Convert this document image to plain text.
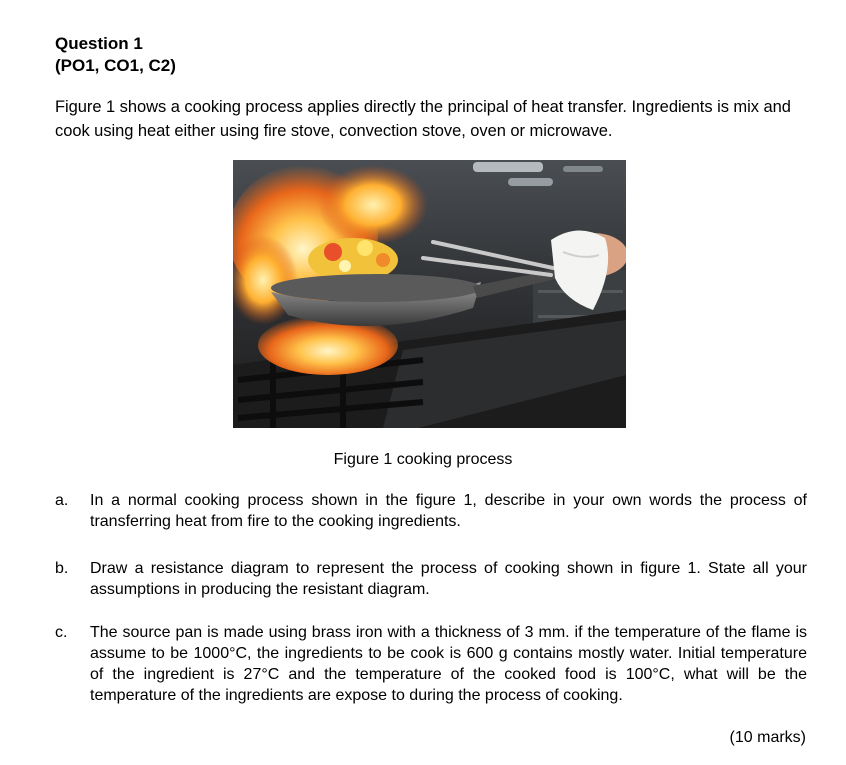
Question 1
(PO1, CO1, C2)
Figure 1 shows a cooking process applies directly the principal of heat transfer. Ingredients is mix and cook using heat either using fire stove, convection stove, oven or microwave.
Figure 1 cooking process
a.	In a normal cooking process shown in the figure 1, describe in your own words the process of transferring heat from fire to the cooking ingredients.
b.	Draw a resistance diagram to represent the process of cooking shown in figure 1. State all your assumptions in producing the resistant diagram.
c.	The source pan is made using brass iron with a thickness of 3 mm. if the temperature of the flame is assume to be 1000°C, the ingredients to be cook is 600 g contains mostly water. Initial temperature of the ingredient is 27°C and the temperature of the cooked food is 100°C, what will be the temperature of the ingredients are expose to during the process of cooking.
(10 marks)
